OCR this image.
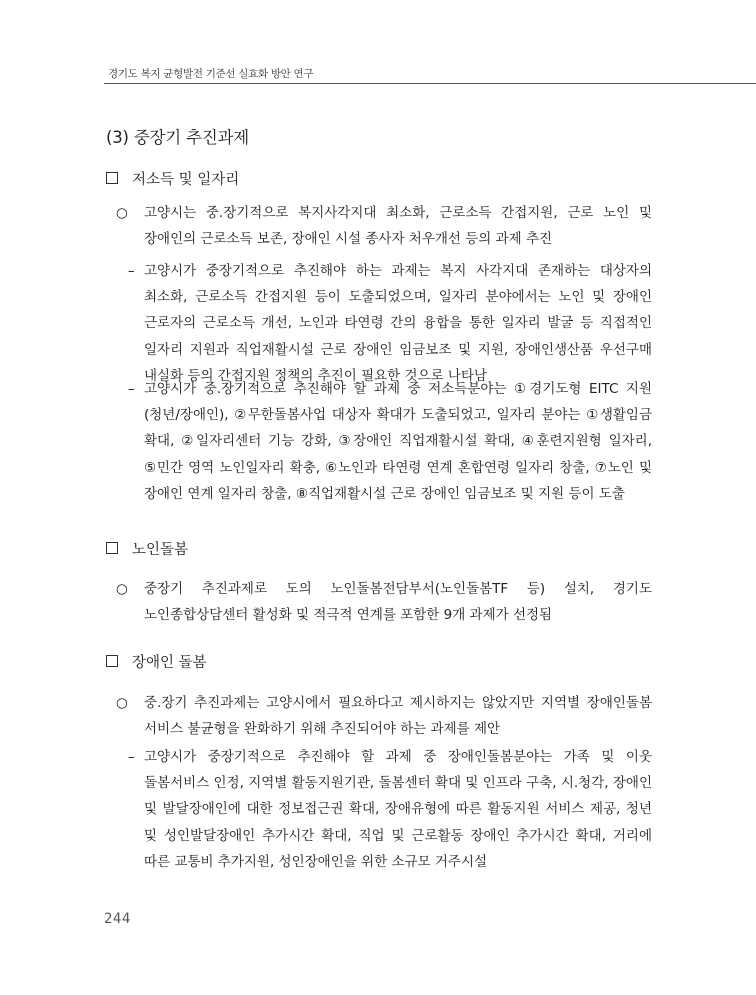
경기도 복지 균형발전 기준선 실효화 방안 연구
(3) 중장기 추진과제
저소득 및 일자리
○ 고양시는 중.장기적으로 복지사각지대 최소화, 근로소득 간접지원, 근로 노인 및 장애인의 근로소득 보존, 장애인 시설 종사자 처우개선 등의 과제 추진
– 고양시가 중장기적으로 추진해야 하는 과제는 복지 사각지대 존재하는 대상자의 최소화, 근로소득 간접지원 등이 도출되었으며, 일자리 분야에서는 노인 및 장애인 근로자의 근로소득 개선, 노인과 타연령 간의 융합을 통한 일자리 발굴 등 직접적인 일자리 지원과 직업재활시설 근로 장애인 임금보조 및 지원, 장애인생산품 우선구매 내실화 등의 간접지원 정책의 추진이 필요한 것으로 나타남
– 고양시가 중.장기적으로 추진해야 할 과제 중 저소득분야는 ①경기도형 EITC 지원(청년/장애인), ②무한돌봄사업 대상자 확대가 도출되었고, 일자리 분야는 ①생활임금 확대, ②일자리센터 기능 강화, ③장애인 직업재활시설 확대, ④훈련지원형 일자리, ⑤민간 영역 노인일자리 확충, ⑥노인과 타연령 연계 혼합연령 일자리 창출, ⑦노인 및 장애인 연계 일자리 창출, ⑧직업재활시설 근로 장애인 임금보조 및 지원 등이 도출
노인돌봄
○ 중장기 추진과제로 도의 노인돌봄전담부서(노인돌봄TF 등) 설치, 경기도 노인종합상담센터 활성화 및 적극적 연계를 포함한 9개 과제가 선정됨
장애인 돌봄
○ 중.장기 추진과제는 고양시에서 필요하다고 제시하지는 않았지만 지역별 장애인돌봄 서비스 불균형을 완화하기 위해 추진되어야 하는 과제를 제안
– 고양시가 중장기적으로 추진해야 할 과제 중 장애인돌봄분야는 가족 및 이웃 돌봄서비스 인정, 지역별 활동지원기관, 돌봄센터 확대 및 인프라 구축, 시.청각, 장애인 및 발달장애인에 대한 정보접근권 확대, 장애유형에 따른 활동지원 서비스 제공, 청년 및 성인발달장애인 추가시간 확대, 직업 및 근로활동 장애인 추가시간 확대, 거리에 따른 교통비 추가지원, 성인장애인을 위한 소규모 거주시설
244
